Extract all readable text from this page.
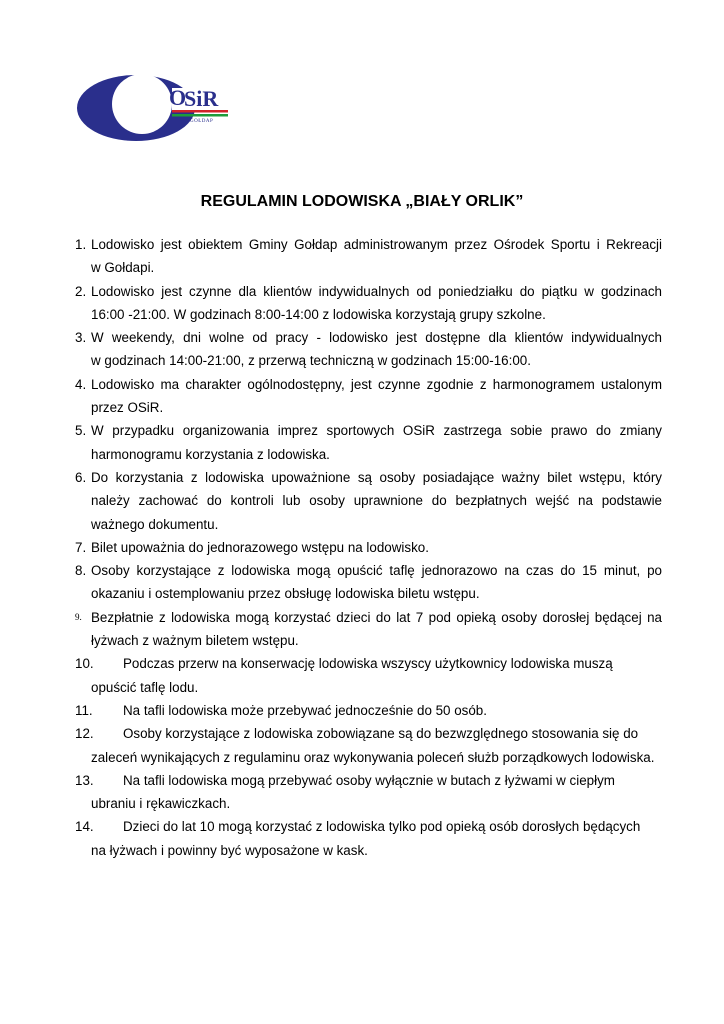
O
SiR
GOŁDAP
REGULAMIN LODOWISKA „BIAŁY ORLIK”
1. Lodowisko jest obiektem Gminy Gołdap administrowanym przez Ośrodek Sportu i Rekreacji
w Gołdapi.
2. Lodowisko jest czynne dla klientów indywidualnych od poniedziałku do piątku w godzinach
16:00 -21:00. W godzinach 8:00-14:00 z lodowiska korzystają grupy szkolne.
3. W weekendy, dni wolne od pracy - lodowisko jest dostępne dla klientów indywidualnych
w godzinach 14:00-21:00, z przerwą techniczną w godzinach 15:00-16:00.
4. Lodowisko ma charakter ogólnodostępny, jest czynne zgodnie z harmonogramem ustalonym
przez OSiR.
5. W przypadku organizowania imprez sportowych OSiR zastrzega sobie prawo do zmiany
harmonogramu korzystania z lodowiska.
6. Do korzystania z lodowiska upoważnione są osoby posiadające ważny bilet wstępu, który
należy zachować do kontroli lub osoby uprawnione do bezpłatnych wejść na podstawie ważnego dokumentu.
7. Bilet upoważnia do jednorazowego wstępu na lodowisko.
8. Osoby korzystające z lodowiska mogą opuścić taflę jednorazowo na czas do 15 minut, po
okazaniu i ostemplowaniu przez obsługę lodowiska biletu wstępu.
9. Bezpłatnie z lodowiska mogą korzystać dzieci do lat 7 pod opieką osoby dorosłej będącej na
łyżwach z ważnym biletem wstępu.
10.	Podczas przerw na konserwację lodowiska wszyscy użytkownicy lodowiska muszą
opuścić taflę lodu.
11.	Na tafli lodowiska może przebywać jednocześnie do 50 osób.
12.	Osoby korzystające z lodowiska zobowiązane są do bezwzględnego stosowania się do
zaleceń wynikających z regulaminu oraz wykonywania poleceń służb porządkowych lodowiska.
13.	Na tafli lodowiska mogą przebywać osoby wyłącznie w butach z łyżwami w ciepłym
ubraniu i rękawiczkach.
14.	Dzieci do lat 10 mogą korzystać z lodowiska tylko pod opieką osób dorosłych będących
na łyżwach i powinny być wyposażone w kask.
